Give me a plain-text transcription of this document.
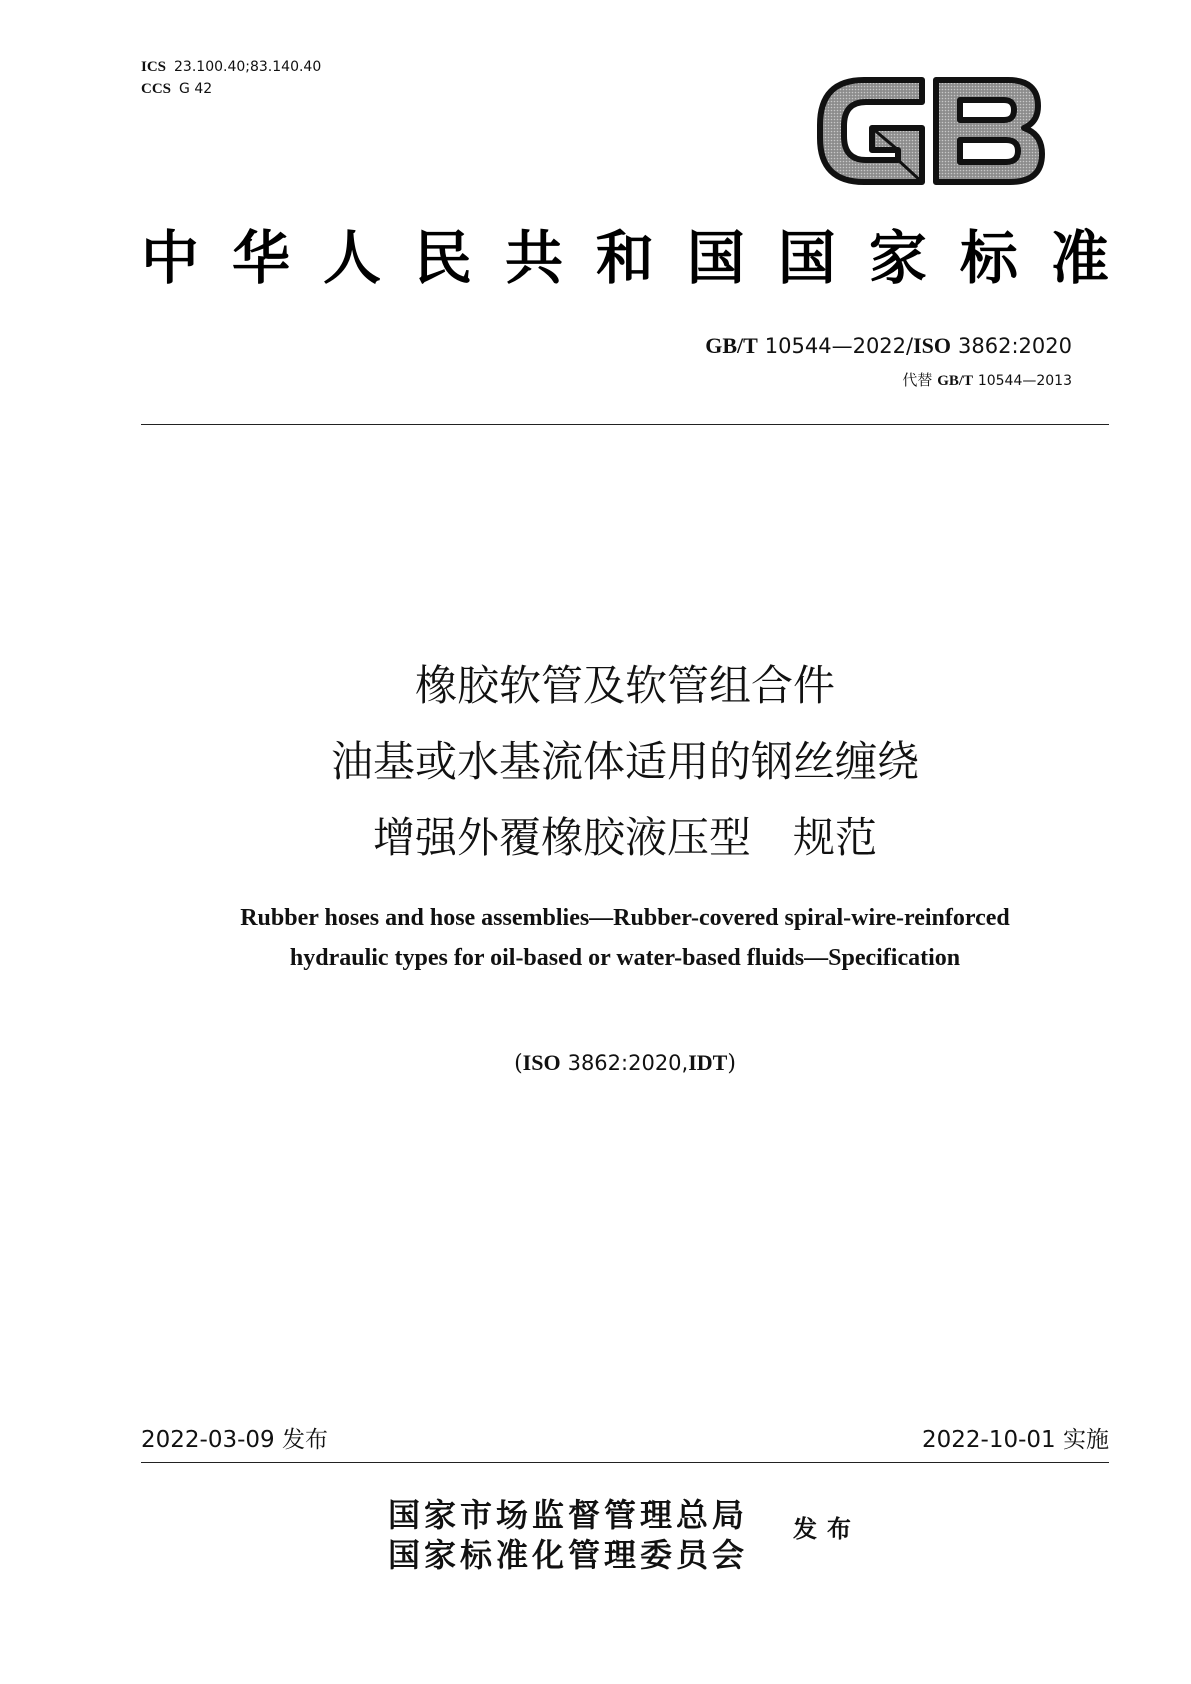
ICS 23.100.40;83.140.40
CCS G 42
中 华 人 民 共 和 国 国 家 标 准
GB/T 10544—2022/ISO 3862:2020
代替 GB/T 10544—2013
橡胶软管及软管组合件
油基或水基流体适用的钢丝缠绕
增强外覆橡胶液压型　规范
Rubber hoses and hose assemblies—Rubber-covered spiral-wire-reinforced
hydraulic types for oil-based or water-based fluids—Specification
(ISO 3862:2020,IDT)
2022-03-09 发布	2022-10-01 实施
国家市场监督管理总局
国家标准化管理委员会
发布
